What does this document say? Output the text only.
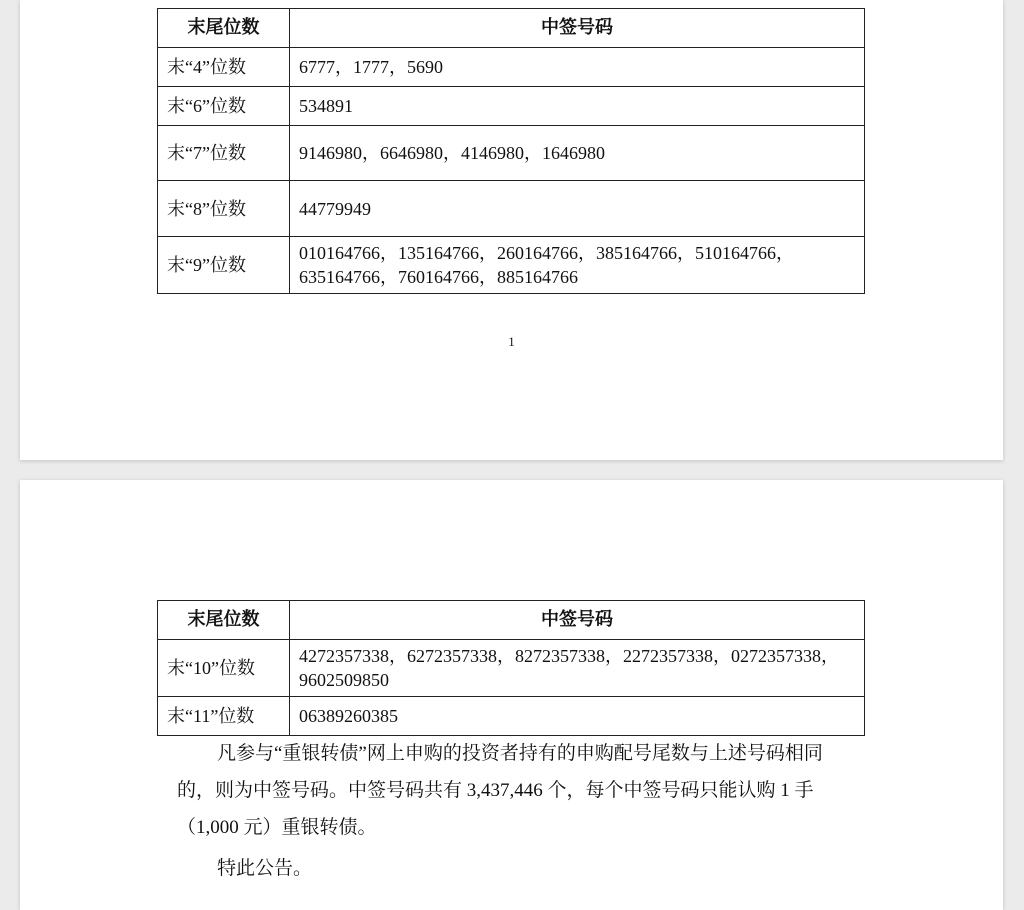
末尾位数	中签号码
末“4”位数	6777，1777，5690
末“6”位数	534891
末“7”位数	9146980，6646980，4146980，1646980
末“8”位数	44779949
末“9”位数	010164766，135164766，260164766，385164766，510164766，635164766，760164766，885164766
1
末尾位数	中签号码
末“10”位数	4272357338，6272357338，8272357338，2272357338，0272357338，9602509850
末“11”位数	06389260385

凡参与“重银转债”网上申购的投资者持有的申购配号尾数与上述号码相同的，则为中签号码。中签号码共有 3,437,446 个，每个中签号码只能认购 1 手（1,000 元）重银转债。

特此公告。
